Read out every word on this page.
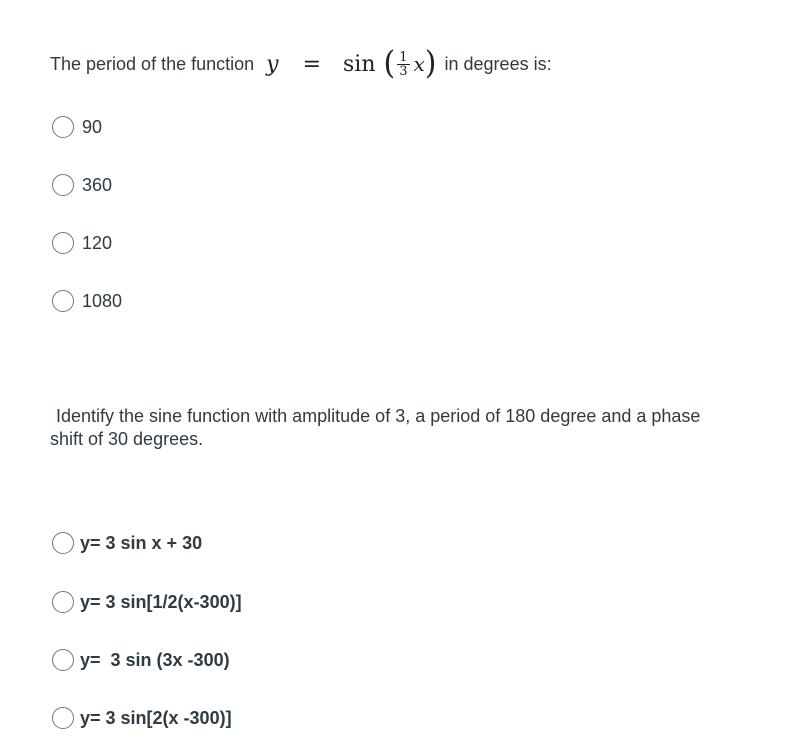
The period of the function y = sin ( $\frac{1}{3}$ x ) in degrees is:
90
360
120
1080
Identify the sine function with amplitude of 3, a period of 180 degree and a phase
shift of 30 degrees.
y= 3 sin x + 30
y= 3 sin[1/2(x-300)]
y=  3 sin (3x -300)
y= 3 sin[2(x -300)]
